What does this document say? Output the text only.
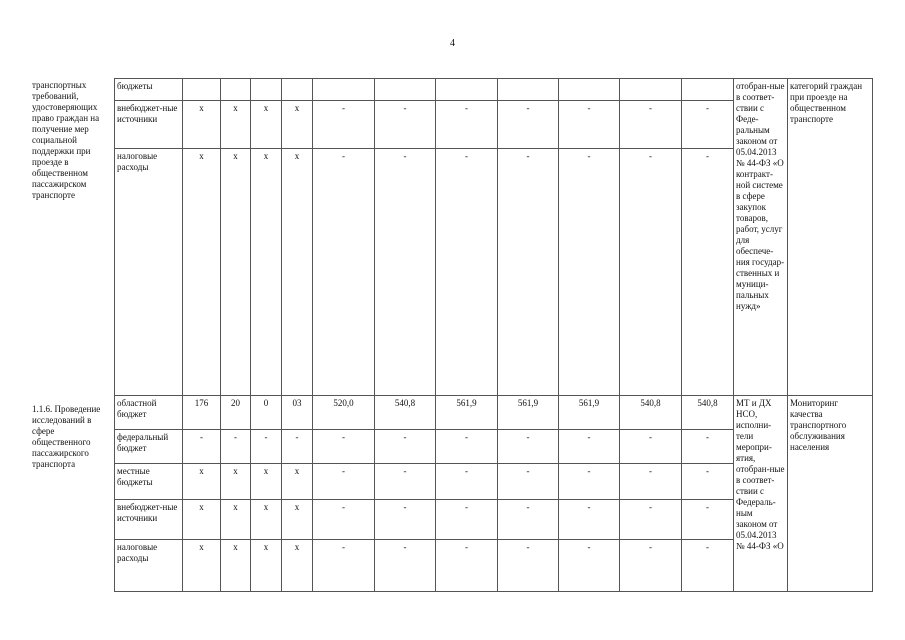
4
транспортных требований, удостоверяющих право граждан на получение мер социальной поддержки при проезде в общественном пассажирском транспорте
1.1.6. Проведение исследований в сфере общественного пассажирского транспорта
бюджеты												отобран-ные в соответ-ствии с Феде-ральным законом от 05.04.2013 № 44-ФЗ «О контракт-ной системе в сфере закупок товаров, работ, услуг для обеспече-ния государ-ственных и муници-пальных нужд»	категорий граждан при проезде на общественном транспорте
внебюджет-ные источники	х	х	х	х	-	-	-	-	-	-	-		
налоговые расходы	х	х	х	х	-	-	-	-	-	-	-		
областной бюджет	176	20	0	03	520,0	540,8	561,9	561,9	561,9	540,8	540,8	МТ и ДХ НСО, исполни-тели меропри-ятия, отобран-ные в соответ-ствии с Федераль-ным законом от 05.04.2013 № 44-ФЗ «О	Мониторинг качества транспортного обслуживания населения
федеральный бюджет	-	-	-	-	-	-	-	-	-	-	-		
местные бюджеты	х	х	х	х	-	-	-	-	-	-	-		
внебюджет-ные источники	х	х	х	х	-	-	-	-	-	-	-		
налоговые расходы	х	х	х	х	-	-	-	-	-	-	-		
